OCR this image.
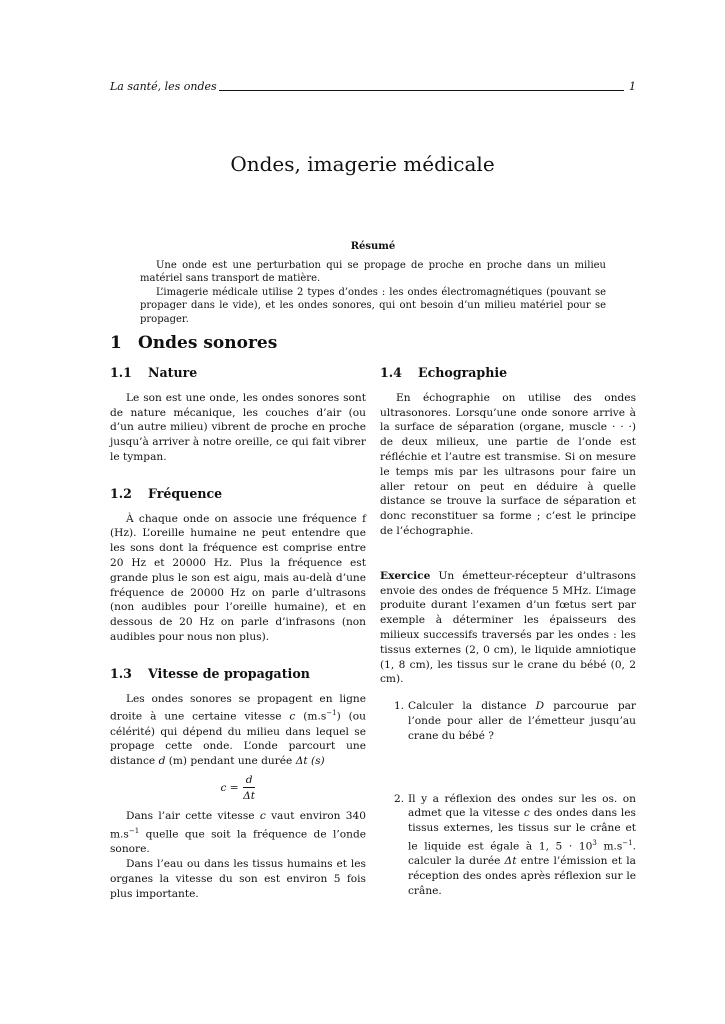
La santé, les ondes	1
Ondes, imagerie médicale
Résumé

Une onde est une perturbation qui se propage de proche en proche dans un milieu matériel sans transport de matière.

L’imagerie médicale utilise 2 types d’ondes : les ondes électromagnétiques (pouvant se propager dans le vide), et les ondes sonores, qui ont besoin d’un milieu matériel pour se propager.

1 Ondes sonores
1.1 Nature

Le son est une onde, les ondes sonores sont de nature mécanique, les couches d’air (ou d’un autre milieu) vibrent de proche en proche jusqu’à arriver à notre oreille, ce qui fait vibrer le tympan.

1.2 Fréquence

À chaque onde on associe une fréquence f (Hz). L’oreille humaine ne peut entendre que les sons dont la fréquence est comprise entre 20 Hz et 20000 Hz. Plus la fréquence est grande plus le son est aigu, mais au-delà d’une fréquence de 20000 Hz on parle d’ultrasons (non audibles pour l’oreille humaine), et en dessous de 20 Hz on parle d’infrasons (non audibles pour nous non plus).

1.3 Vitesse de propagation

Les ondes sonores se propagent en ligne droite à une certaine vitesse c $(m.s^{-1})$ (ou célérité) qui dépend du milieu dans lequel se propage cette onde. L’onde parcourt une distance d (m) pendant une durée Δt (s)

$c = \frac{d}{\Delta t}$

Dans l’air cette vitesse c vaut environ 340 $m.s^{-1}$ quelle que soit la fréquence de l’onde sonore.

Dans l’eau ou dans les tissus humains et les organes la vitesse du son est environ 5 fois plus importante.

1.4 Echographie

En échographie on utilise des ondes ultrasonores. Lorsqu’une onde sonore arrive à la surface de séparation (organe, muscle · · ·) de deux milieux, une partie de l’onde est réfléchie et l’autre est transmise. Si on mesure le temps mis par les ultrasons pour faire un aller retour on peut en déduire à quelle distance se trouve la surface de séparation et donc reconstituer sa forme ; c’est le principe de l’échographie.

Exercice Un émetteur-récepteur d’ultrasons envoie des ondes de fréquence 5 MHz. L’image produite durant l’examen d’un fœtus sert par exemple à déterminer les épaisseurs des milieux successifs traversés par les ondes : les tissus externes (2, 0 cm), le liquide amniotique (1, 8 cm), les tissus sur le crane du bébé (0, 2 cm).

1. Calculer la distance D parcourue par l’onde pour aller de l’émetteur jusqu’au crane du bébé ?
2. Il y a réflexion des ondes sur les os. on admet que la vitesse c des ondes dans les tissus externes, les tissus sur le crâne et le liquide est égale à 1, $5 \cdot 10^3$ $m.s^{-1}$. calculer la durée Δt entre l’émission et la réception des ondes après réflexion sur le crâne.
